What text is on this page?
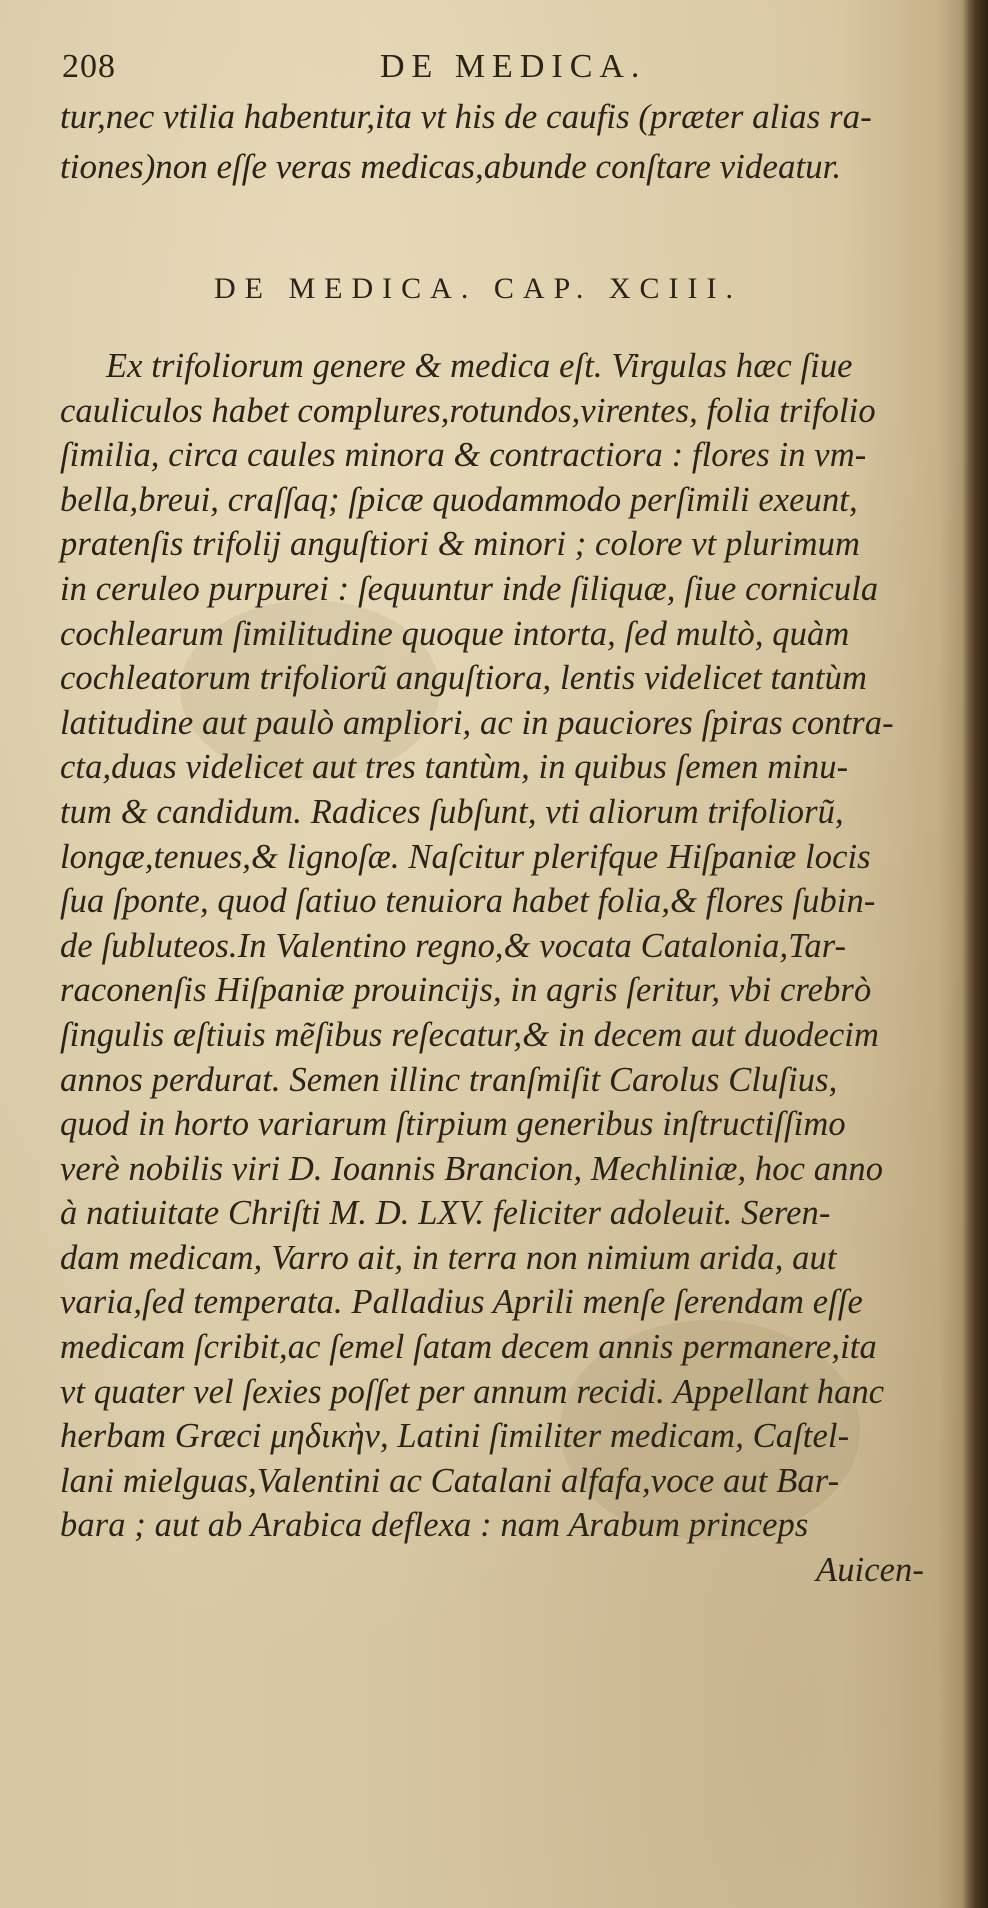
208	DE MEDICA.
tur,nec vtilia habentur,ita vt his de caufis (præter alias ra-
tiones)non eſſe veras medicas,abunde conſtare videatur.
DE MEDICA. CAP. XCIII.
Ex trifoliorum genere & medica eſt. Virgulas hæc ſiue
cauliculos habet complures,rotundos,virentes, folia trifolio
ſimilia, circa caules minora & contractiora : flores in vm-
bella,breui, craſſaq; ſpicæ quodammodo perſimili exeunt,
pratenſis trifolij anguſtiori & minori ; colore vt plurimum
in ceruleo purpurei : ſequuntur inde ſiliquæ, ſiue cornicula
cochlearum ſimilitudine quoque intorta, ſed multò, quàm
cochleatorum trifoliorũ anguſtiora, lentis videlicet tantùm
latitudine aut paulò ampliori, ac in pauciores ſpiras contra-
cta,duas videlicet aut tres tantùm, in quibus ſemen minu-
tum & candidum. Radices ſubſunt, vti aliorum trifoliorũ,
longæ,tenues,& lignoſæ. Naſcitur plerifque Hiſpaniæ locis
ſua ſponte, quod ſatiuo tenuiora habet folia,& flores ſubin-
de ſubluteos.In Valentino regno,& vocata Catalonia,Tar-
raconenſis Hiſpaniæ prouincijs, in agris ſeritur, vbi crebrò
ſingulis æſtiuis mẽſibus reſecatur,& in decem aut duodecim
annos perdurat. Semen illinc tranſmiſit Carolus Cluſius,
quod in horto variarum ſtirpium generibus inſtructiſſimo
verè nobilis viri D. Ioannis Brancion, Mechliniæ, hoc anno
à natiuitate Chriſti M. D. LXV. feliciter adoleuit. Seren-
dam medicam, Varro ait, in terra non nimium arida, aut
varia,ſed temperata. Palladius Aprili menſe ſerendam eſſe
medicam ſcribit,ac ſemel ſatam decem annis permanere,ita
vt quater vel ſexies poſſet per annum recidi. Appellant hanc
herbam Græci μηδικὴν, Latini ſimiliter medicam, Caſtel-
lani mielguas,Valentini ac Catalani alfafa,voce aut Bar-
bara ; aut ab Arabica deflexa : nam Arabum princeps
Auicen-
